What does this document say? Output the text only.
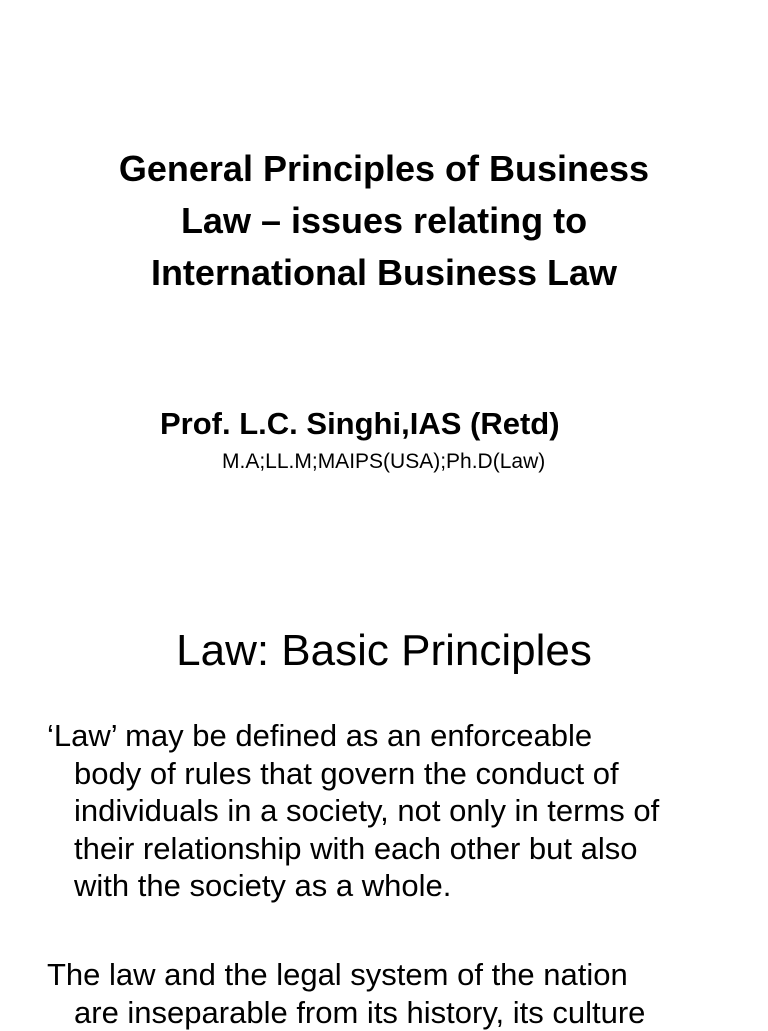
General Principles of Business
Law – issues relating to
International Business Law

Prof. L.C. Singhi,IAS (Retd)

M.A;LL.M;MAIPS(USA);Ph.D(Law)

Law: Basic Principles

‘Law’ may be defined as an enforceable
body of rules that govern the conduct of
individuals in a society, not only in terms of
their relationship with each other but also
with the society as a whole.

The law and the legal system of the nation
are inseparable from its history, its culture
